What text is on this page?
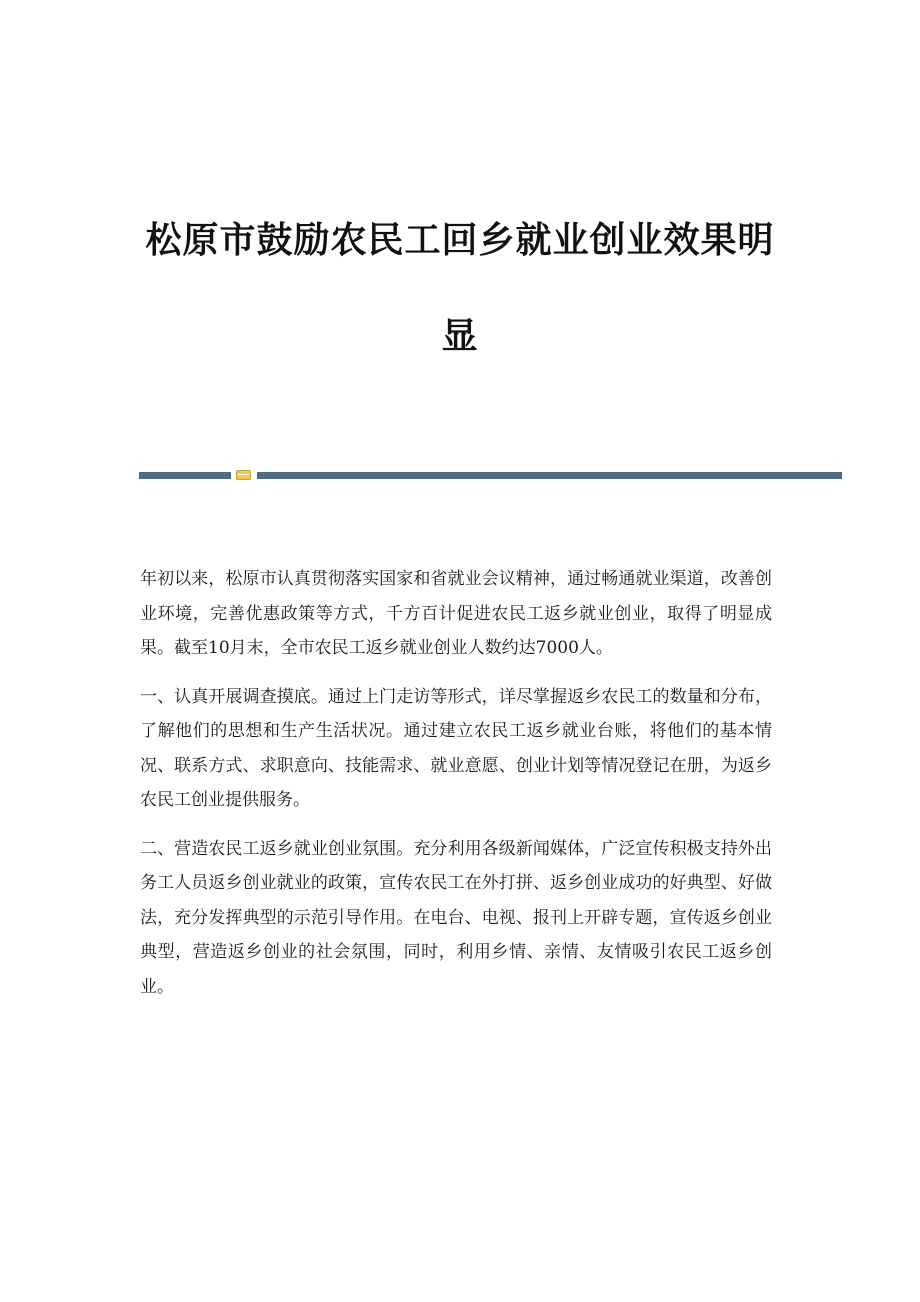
松原市鼓励农民工回乡就业创业效果明
显

年初以来，松原市认真贯彻落实国家和省就业会议精神，通过畅通就业渠道，改善创业环境，完善优惠政策等方式，千方百计促进农民工返乡就业创业，取得了明显成果。截至10月末，全市农民工返乡就业创业人数约达7000人。

一、认真开展调查摸底。通过上门走访等形式，详尽掌握返乡农民工的数量和分布，了解他们的思想和生产生活状况。通过建立农民工返乡就业台账，将他们的基本情况、联系方式、求职意向、技能需求、就业意愿、创业计划等情况登记在册，为返乡农民工创业提供服务。

二、营造农民工返乡就业创业氛围。充分利用各级新闻媒体，广泛宣传积极支持外出务工人员返乡创业就业的政策，宣传农民工在外打拼、返乡创业成功的好典型、好做法，充分发挥典型的示范引导作用。在电台、电视、报刊上开辟专题，宣传返乡创业典型，营造返乡创业的社会氛围，同时，利用乡情、亲情、友情吸引农民工返乡创业。
